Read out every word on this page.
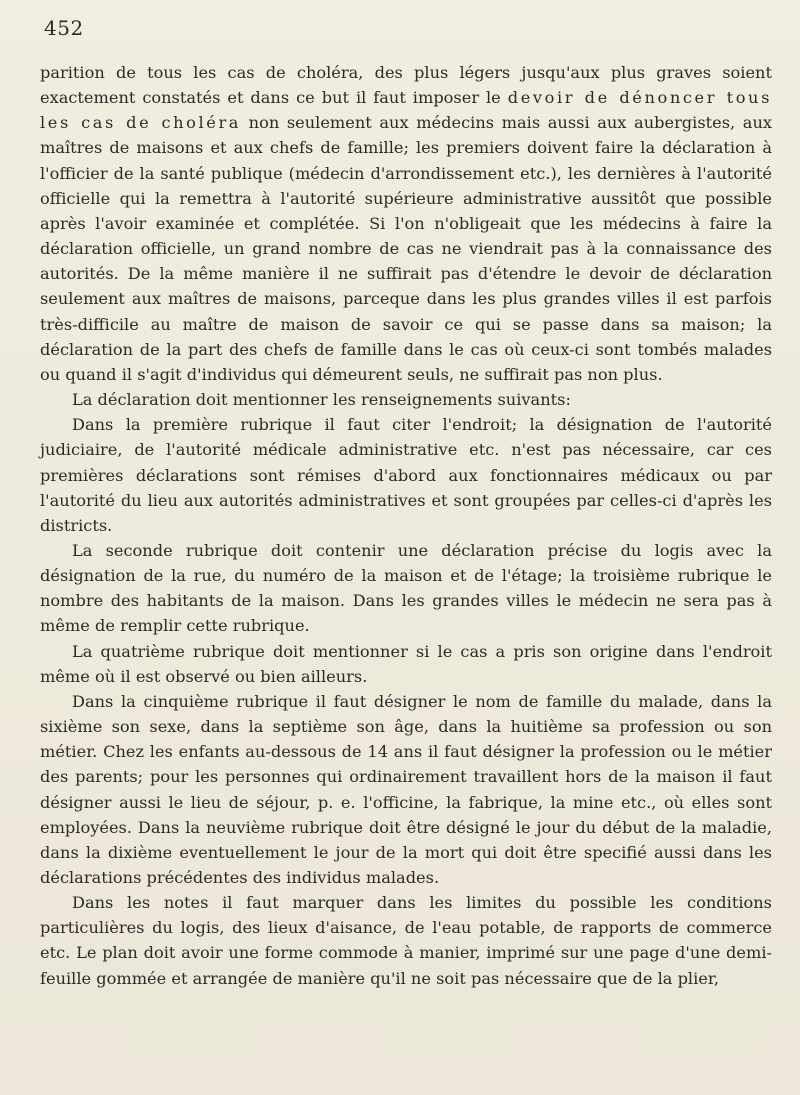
452

parition de tous les cas de choléra, des plus légers jusqu'aux plus graves soient exactement constatés et dans ce but il faut imposer le devoir de dénoncer tous les cas de choléra non seulement aux médecins mais aussi aux aubergistes, aux maîtres de maisons et aux chefs de famille; les premiers doivent faire la déclaration à l'officier de la santé publique (médecin d'arrondissement etc.), les dernières à l'autorité officielle qui la remettra à l'autorité supérieure administrative aussitôt que possible après l'avoir examinée et complétée. Si l'on n'obligeait que les médecins à faire la déclaration officielle, un grand nombre de cas ne viendrait pas à la connaissance des autorités. De la même manière il ne suffirait pas d'étendre le devoir de déclaration seulement aux maîtres de maisons, parceque dans les plus grandes villes il est parfois très-difficile au maître de maison de savoir ce qui se passe dans sa maison; la déclaration de la part des chefs de famille dans le cas où ceux-ci sont tombés malades ou quand il s'agit d'individus qui démeurent seuls, ne suffirait pas non plus.

La déclaration doit mentionner les renseignements suivants:

Dans la première rubrique il faut citer l'endroit; la désignation de l'autorité judiciaire, de l'autorité médicale administrative etc. n'est pas nécessaire, car ces premières déclarations sont rémises d'abord aux fonctionnaires médicaux ou par l'autorité du lieu aux autorités administratives et sont groupées par celles-ci d'après les districts.

La seconde rubrique doit contenir une déclaration précise du logis avec la désignation de la rue, du numéro de la maison et de l'étage; la troisième rubrique le nombre des habitants de la maison. Dans les grandes villes le médecin ne sera pas à même de remplir cette rubrique.

La quatrième rubrique doit mentionner si le cas a pris son origine dans l'endroit même où il est observé ou bien ailleurs.

Dans la cinquième rubrique il faut désigner le nom de famille du malade, dans la sixième son sexe, dans la septième son âge, dans la huitième sa profession ou son métier. Chez les enfants au-dessous de 14 ans il faut désigner la profession ou le métier des parents; pour les personnes qui ordinairement travaillent hors de la maison il faut désigner aussi le lieu de séjour, p. e. l'officine, la fabrique, la mine etc., où elles sont employées. Dans la neuvième rubrique doit être désigné le jour du début de la maladie, dans la dixième eventuellement le jour de la mort qui doit être specifié aussi dans les déclarations précédentes des individus malades.

Dans les notes il faut marquer dans les limites du possible les conditions particulières du logis, des lieux d'aisance, de l'eau potable, de rapports de commerce etc. Le plan doit avoir une forme commode à manier, imprimé sur une page d'une demi-feuille gommée et arrangée de manière qu'il ne soit pas nécessaire que de la plier,
